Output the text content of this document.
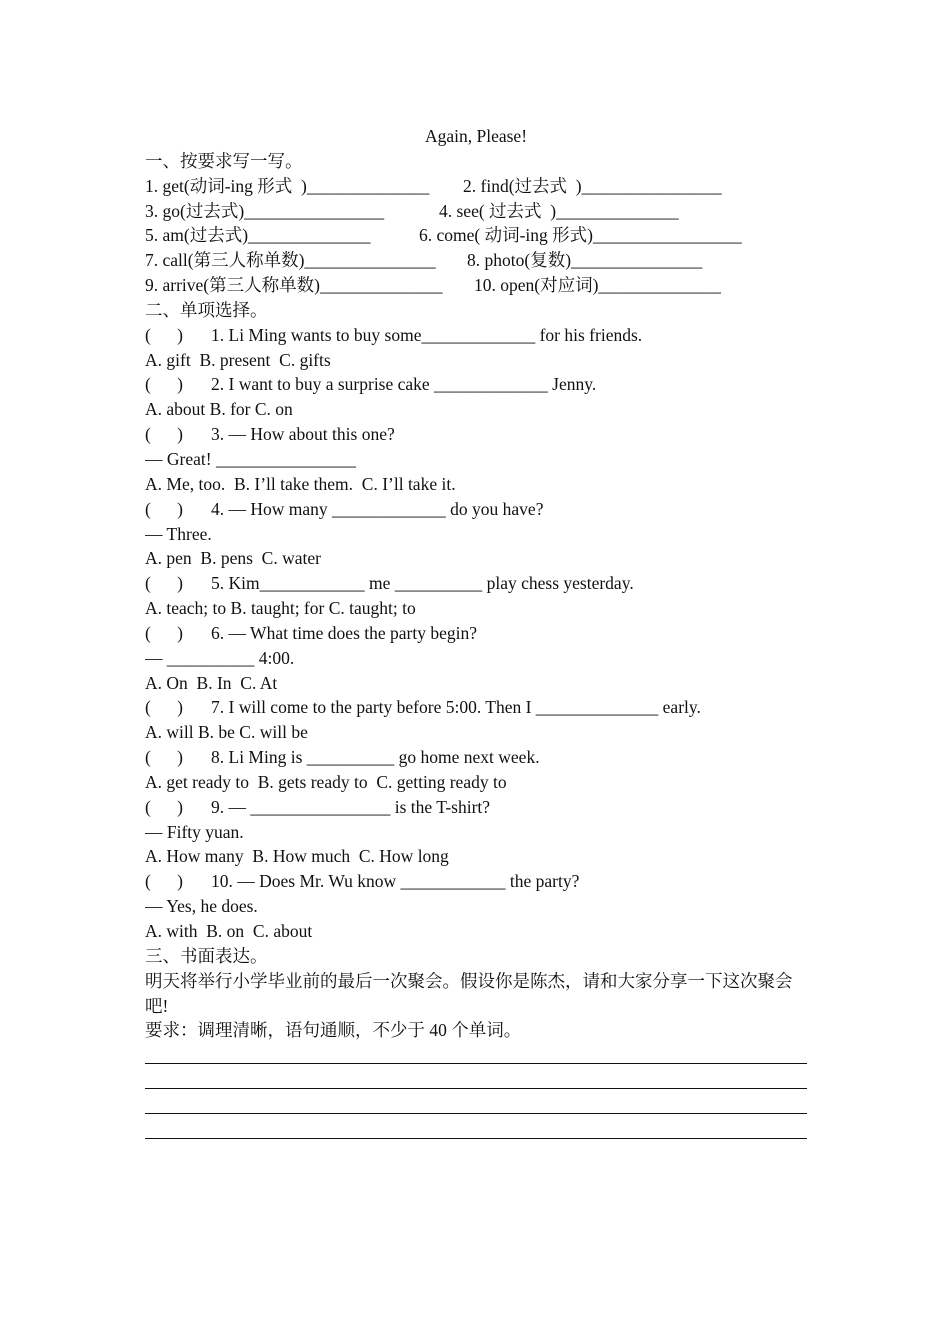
Again, Please!
一、按要求写一写。
1. get(动词-ing 形式  )______________	2. find(过去式  )________________
3. go(过去式)________________	4. see( 过去式  )______________
5. am(过去式)______________	6. come( 动词-ing 形式)_________________
7. call(第三人称单数)_______________	8. photo(复数)_______________
9. arrive(第三人称单数)______________	10. open(对应词)______________
二、单项选择。
(      ) 1. Li Ming wants to buy some_____________ for his friends.
A. gift  B. present  C. gifts
(      ) 2. I want to buy a surprise cake _____________ Jenny.
A. about B. for C. on
(      ) 3. — How about this one?
— Great! ________________
A. Me, too.  B. I’ll take them.  C. I’ll take it.
(      ) 4. — How many _____________ do you have?
— Three.
A. pen  B. pens  C. water
(      ) 5. Kim____________ me __________ play chess yesterday.
A. teach; to B. taught; for C. taught; to
(      ) 6. — What time does the party begin?
— __________ 4:00.
A. On  B. In  C. At
(      ) 7. I will come to the party before 5:00. Then I ______________ early.
A. will B. be C. will be
(      ) 8. Li Ming is __________ go home next week.
A. get ready to  B. gets ready to  C. getting ready to
(      ) 9. — ________________ is the T-shirt?
— Fifty yuan.
A. How many  B. How much  C. How long
(      ) 10. — Does Mr. Wu know ____________ the party?
— Yes, he does.
A. with  B. on  C. about
三、书面表达。
明天将举行小学毕业前的最后一次聚会。假设你是陈杰，请和大家分享一下这次聚会吧!
要求：调理清晰，语句通顺，不少于 40 个单词。
